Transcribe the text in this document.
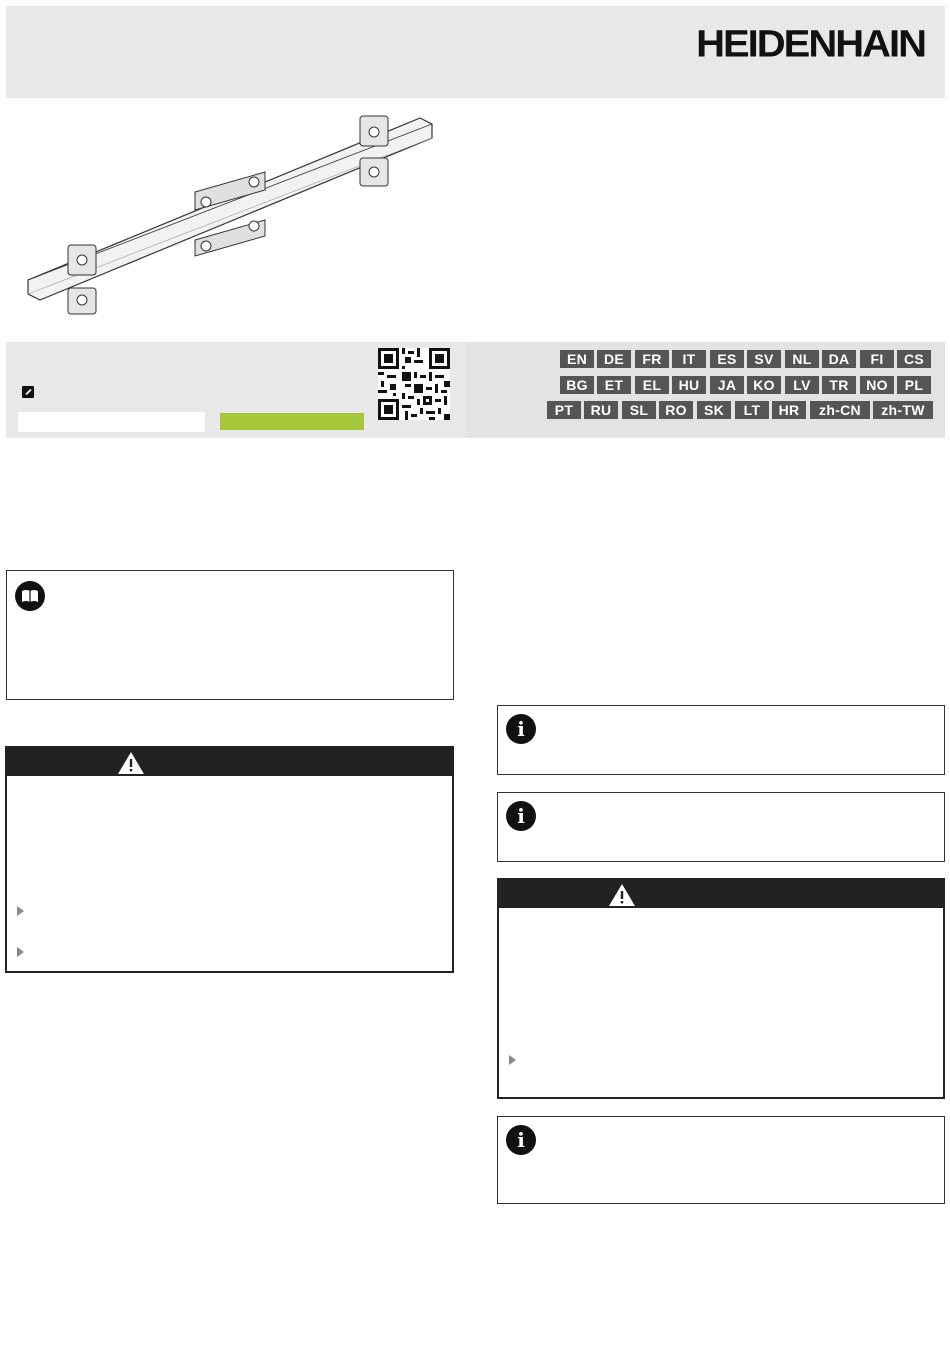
HEIDENHAIN
EN	DE	FR	IT	ES	SV	NL	DA	FI	CS
BG	ET	EL	HU	JA	KO	LV	TR	NO	PL
PT	RU	SL	RO	SK	LT	HR	zh-CN	zh-TW
i
i
i
